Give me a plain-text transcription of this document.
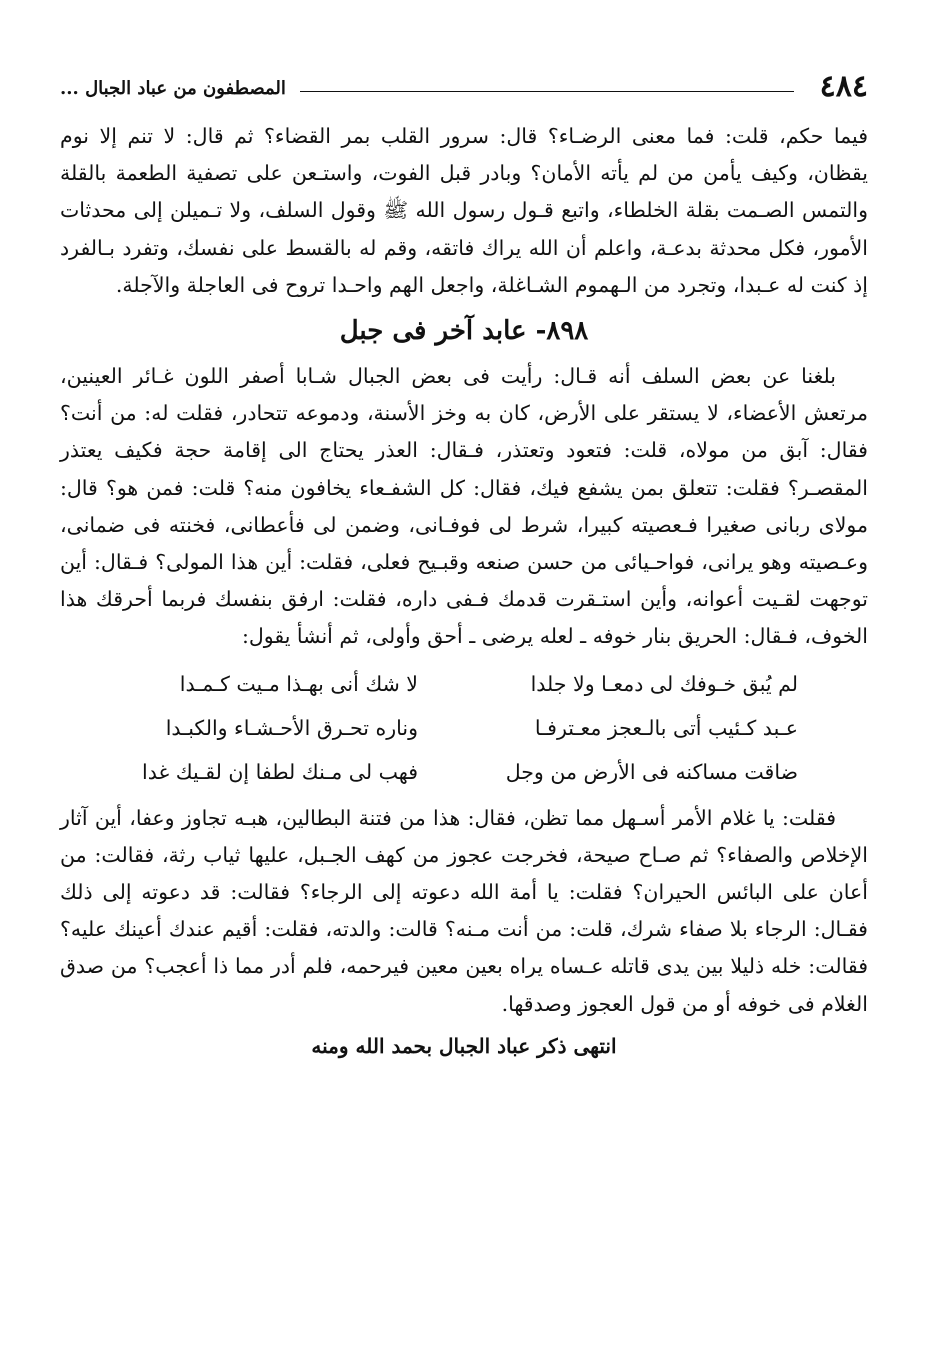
٤٨٤
المصطفون من عباد الجبال ...

فيما حكم، قلت: فما معنى الرضـاء؟ قال: سرور القلب بمر القضاء؟ ثم قال: لا تنم إلا نوم يقظان، وكيف يأمن من لم يأته الأمان؟ وبادر قبل الفوت، واستـعن على تصفية الطعمة بالقلة والتمس الصـمت بقلة الخلطاء، واتبع قـول رسول الله ﷺ وقول السلف، ولا تـميلن إلى محدثات الأمور، فكل محدثة بدعـة، واعلم أن الله يراك فاتقه، وقم له بالقسط على نفسك، وتفرد بـالفرد إذ كنت له عـبدا، وتجرد من الـهموم الشـاغلة، واجعل الهم واحـدا تروح فى العاجلة والآجلة.

٨٩٨- عابد آخر فى جبل

بلغنا عن بعض السلف أنه قـال: رأيت فى بعض الجبال شـابا أصفر اللون غـائر العينين، مرتعش الأعضاء، لا يستقر على الأرض، كان به وخز الأسنة، ودموعه تتحادر، فقلت له: من أنت؟ فقال: آبق من مولاه، قلت: فتعود وتعتذر، فـقال: العذر يحتاج الى إقامة حجة فكيف يعتذر المقصـر؟ فقلت: تتعلق بمن يشفع فيك، فقال: كل الشفـعاء يخافون منه؟ قلت: فمن هو؟ قال: مولاى ربانى صغيرا فـعصيته كبيرا، شرط لى فوفـانى، وضمن لى فأعطانى، فخنته فى ضمانى، وعـصيته وهو يرانى، فواحـيائى من حسن صنعه وقبـيح فعلى، فقلت: أين هذا المولى؟ فـقال: أين توجهت لقـيت أعوانه، وأين استـقرت قدمك فـفى داره، فقلت: ارفق بنفسك فربما أحرقك هذا الخوف، فـقال: الحريق بنار خوفه ـ لعله يرضى ـ أحق وأولى، ثم أنشأ يقول:

لم يُبق خـوفك لى دمعـا ولا جلدا
لا شك أنى بهـذا مـيت كـمـدا
عـبد كـئيب أتى بالـعجز معـترفـا
وناره تحـرق الأحـشـاء والكبـدا
ضاقت مساكنه فى الأرض من وجل
فهب لى مـنك لطفا إن لقـيك غدا

فقلت: يا غلام الأمر أسـهل مما تظن، فقال: هذا من فتنة البطالين، هبـه تجاوز وعفا، أين آثار الإخلاص والصفاء؟ ثم صـاح صيحة، فخرجت عجوز من كهف الجـبل، عليها ثياب رثة، فقالت: من أعان على البائس الحيران؟ فقلت: يا أمة الله دعوته إلى الرجاء؟ فقالت: قد دعوته إلى ذلك فقـال: الرجاء بلا صفاء شرك، قلت: من أنت مـنه؟ قالت: والدته، فقلت: أقيم عندك أعينك عليه؟ فقالت: خله ذليلا بين يدى قاتله عـساه يراه بعين معين فيرحمه، فلم أدر مما ذا أعجب؟ من صدق الغلام فى خوفه أو من قول العجوز وصدقها.

انتهى ذكر عباد الجبال بحمد الله ومنه
